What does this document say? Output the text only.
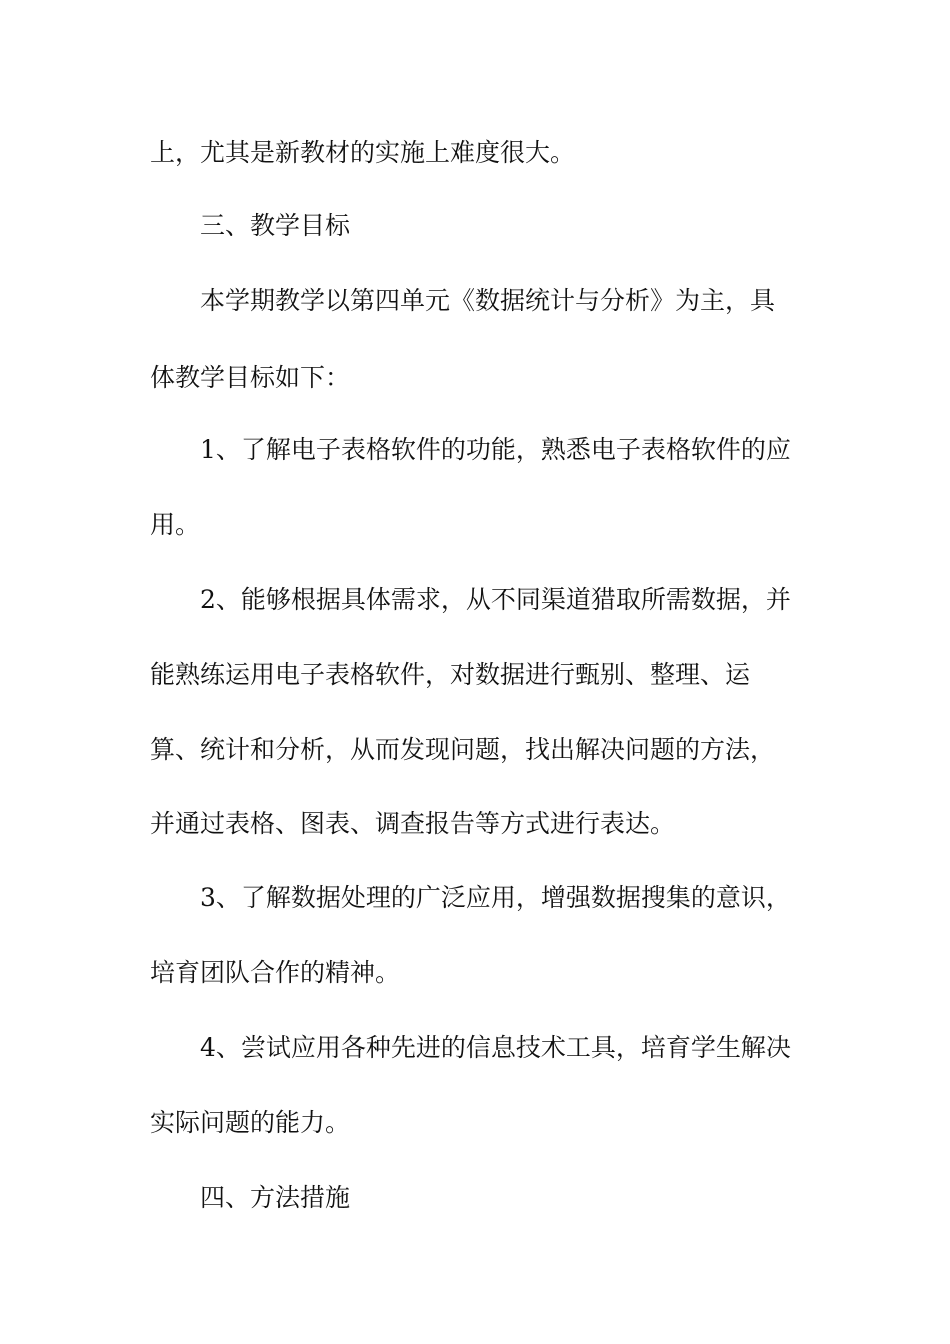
上，尤其是新教材的实施上难度很大。
三、教学目标
本学期教学以第四单元《数据统计与分析》为主，具
体教学目标如下：
1、了解电子表格软件的功能，熟悉电子表格软件的应
用。
2、能够根据具体需求，从不同渠道猎取所需数据，并
能熟练运用电子表格软件，对数据进行甄别、整理、运
算、统计和分析，从而发现问题，找出解决问题的方法，
并通过表格、图表、调查报告等方式进行表达。
3、了解数据处理的广泛应用，增强数据搜集的意识，
培育团队合作的精神。
4、尝试应用各种先进的信息技术工具，培育学生解决
实际问题的能力。
四、方法措施
